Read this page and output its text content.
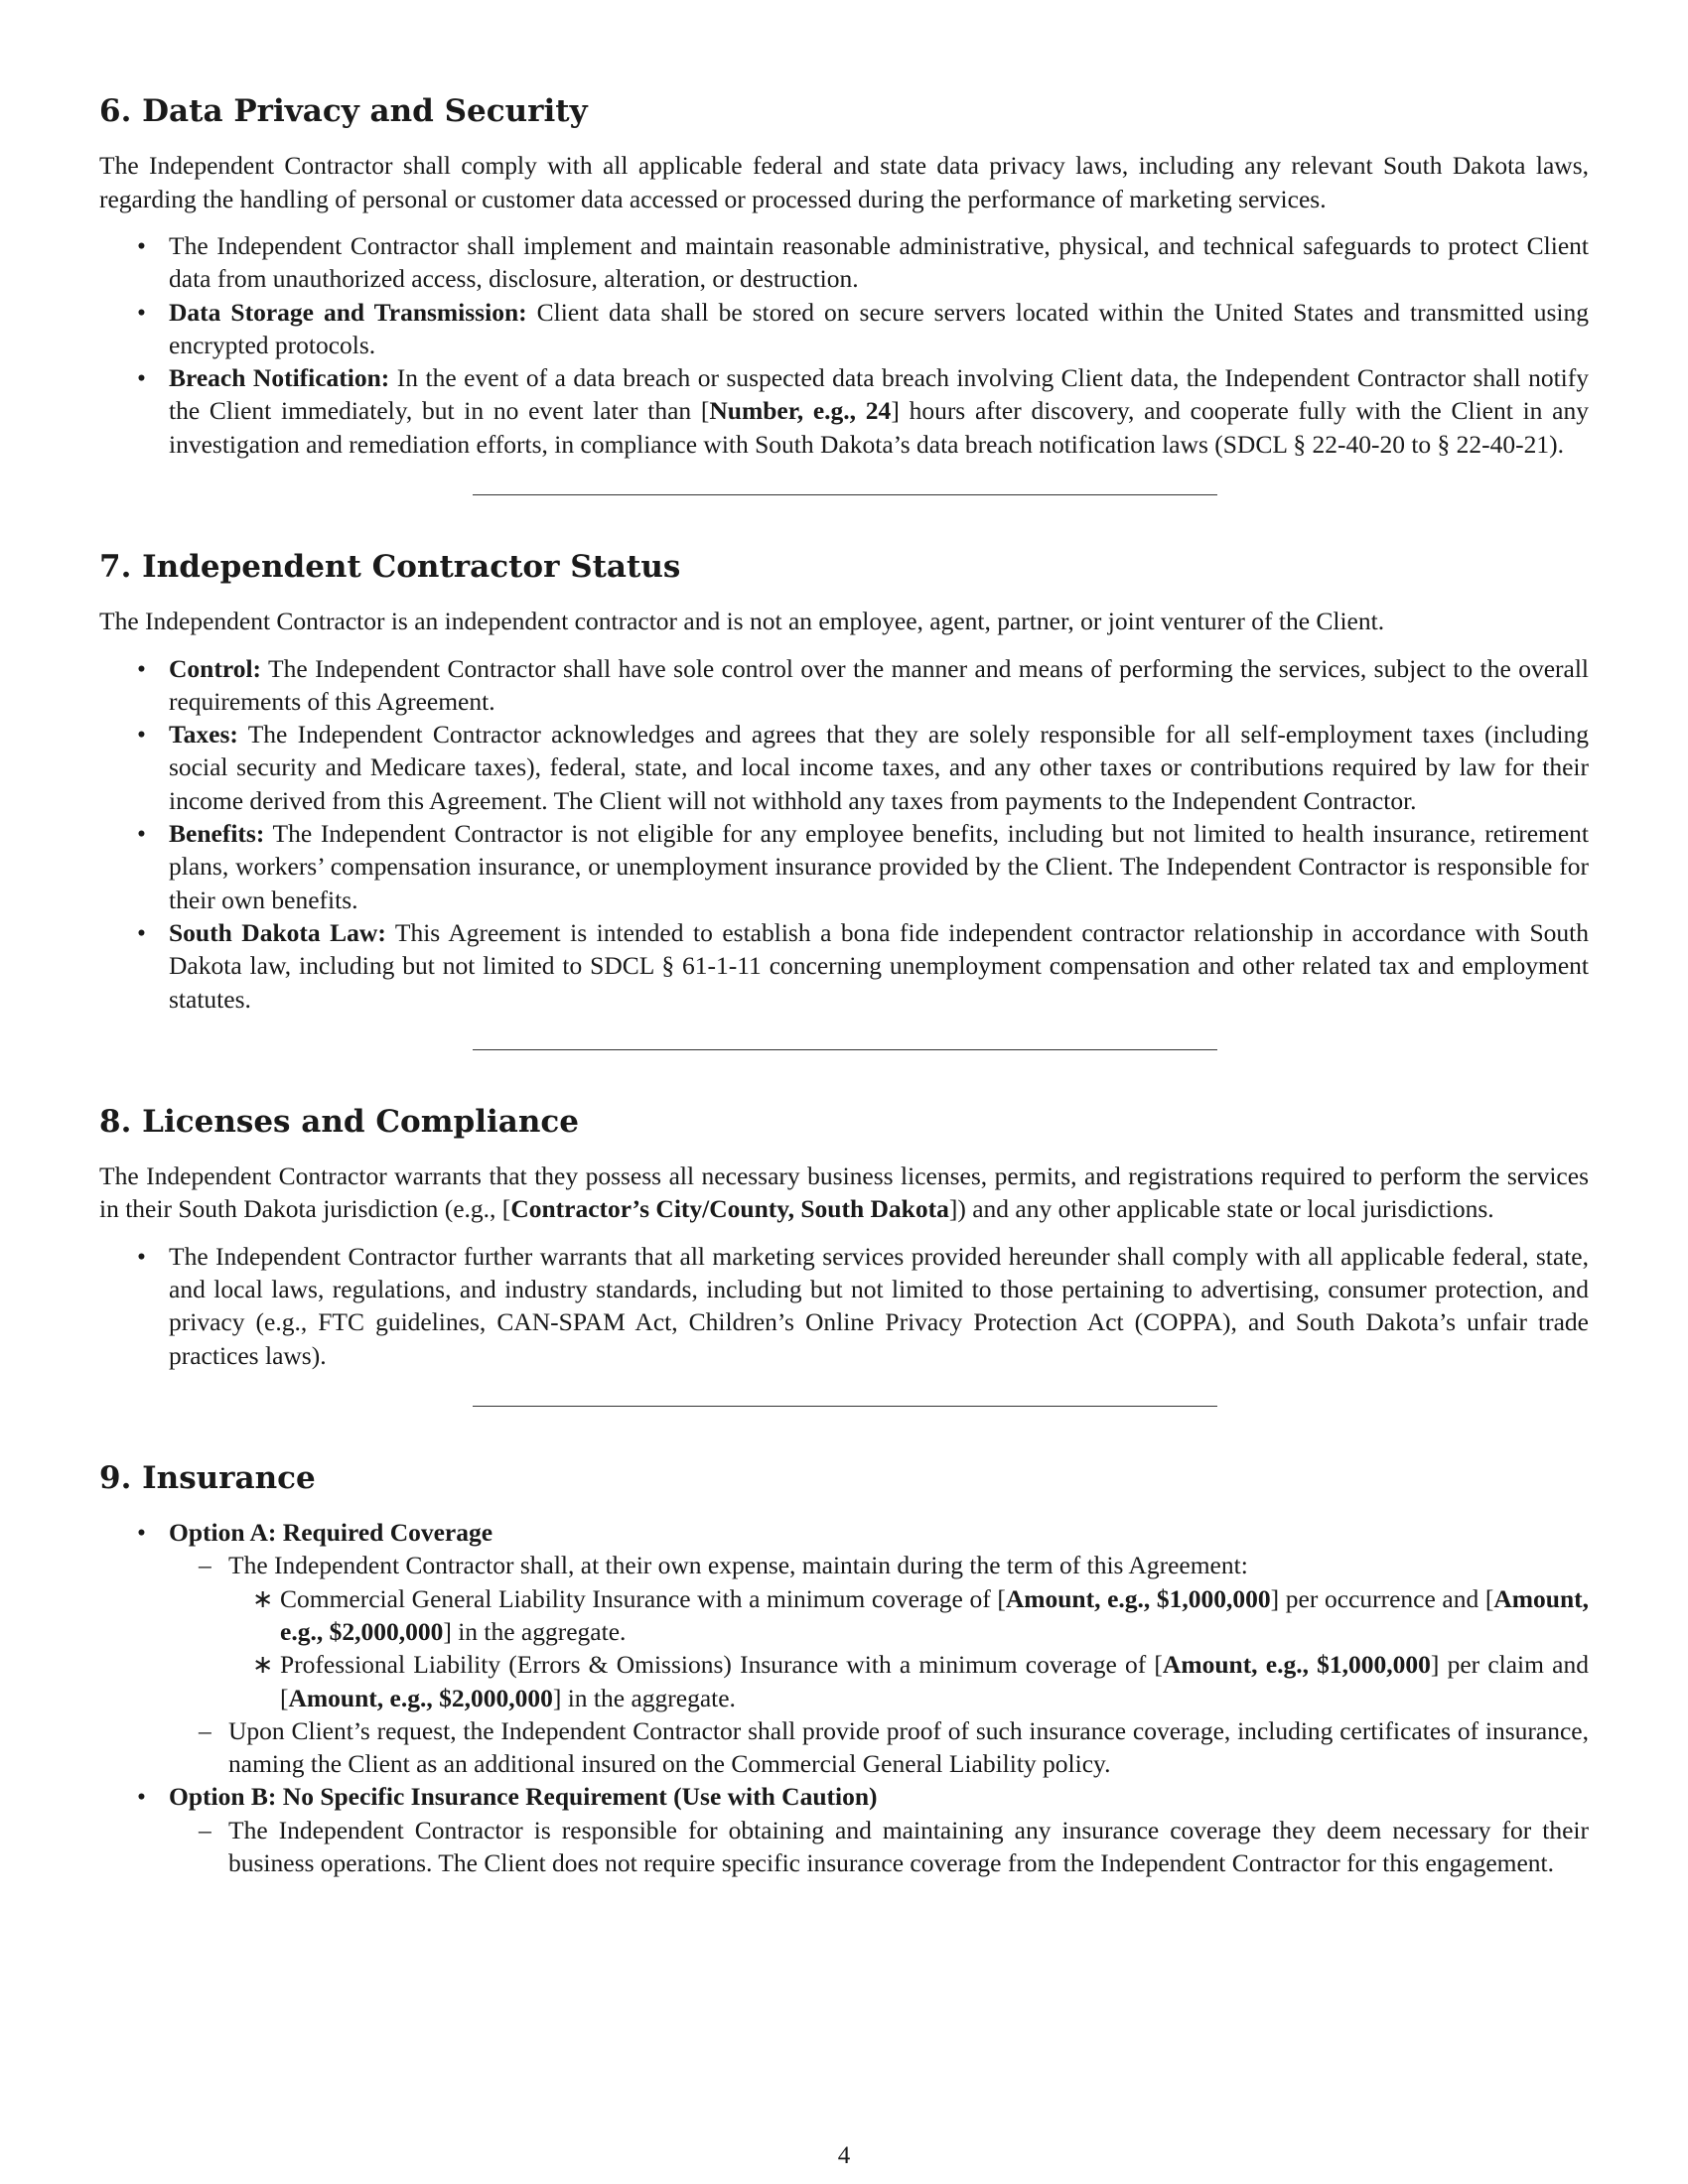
6. Data Privacy and Security

The Independent Contractor shall comply with all applicable federal and state data privacy laws, including any relevant South Dakota laws, regarding the handling of personal or customer data accessed or processed during the performance of marketing services.

• The Independent Contractor shall implement and maintain reasonable administrative, physical, and technical safeguards to protect Client data from unauthorized access, disclosure, alteration, or destruction.
• Data Storage and Transmission: Client data shall be stored on secure servers located within the United States and transmitted using encrypted protocols.
• Breach Notification: In the event of a data breach or suspected data breach involving Client data, the Independent Contractor shall notify the Client immediately, but in no event later than [Number, e.g., 24] hours after discovery, and cooperate fully with the Client in any investigation and remediation efforts, in compliance with South Dakota’s data breach notification laws (SDCL § 22-40-20 to § 22-40-21).
7. Independent Contractor Status

The Independent Contractor is an independent contractor and is not an employee, agent, partner, or joint venturer of the Client.

• Control: The Independent Contractor shall have sole control over the manner and means of performing the services, subject to the overall requirements of this Agreement.
• Taxes: The Independent Contractor acknowledges and agrees that they are solely responsible for all self-employment taxes (including social security and Medicare taxes), federal, state, and local income taxes, and any other taxes or contributions required by law for their income derived from this Agreement. The Client will not withhold any taxes from payments to the Independent Contractor.
• Benefits: The Independent Contractor is not eligible for any employee benefits, including but not limited to health insurance, retirement plans, workers’ compensation insurance, or unemployment insurance provided by the Client. The Independent Contractor is responsible for their own benefits.
• South Dakota Law: This Agreement is intended to establish a bona fide independent contractor relationship in accordance with South Dakota law, including but not limited to SDCL § 61-1-11 concerning unemployment compensation and other related tax and employment statutes.
8. Licenses and Compliance

The Independent Contractor warrants that they possess all necessary business licenses, permits, and registrations required to perform the services in their South Dakota jurisdiction (e.g., [Contractor’s City/County, South Dakota]) and any other applicable state or local jurisdictions.

• The Independent Contractor further warrants that all marketing services provided hereunder shall comply with all applicable federal, state, and local laws, regulations, and industry standards, including but not limited to those pertaining to advertising, consumer protection, and privacy (e.g., FTC guidelines, CAN-SPAM Act, Children’s Online Privacy Protection Act (COPPA), and South Dakota’s unfair trade practices laws).
9. Insurance
• Option A: Required Coverage
– The Independent Contractor shall, at their own expense, maintain during the term of this Agreement:
∗ Commercial General Liability Insurance with a minimum coverage of [Amount, e.g., $1,000,000] per occurrence and [Amount, e.g., $2,000,000] in the aggregate.
∗ Professional Liability (Errors & Omissions) Insurance with a minimum coverage of [Amount, e.g., $1,000,000] per claim and [Amount, e.g., $2,000,000] in the aggregate.
– Upon Client’s request, the Independent Contractor shall provide proof of such insurance coverage, including certificates of insurance, naming the Client as an additional insured on the Commercial General Liability policy.
• Option B: No Specific Insurance Requirement (Use with Caution)
– The Independent Contractor is responsible for obtaining and maintaining any insurance coverage they deem necessary for their business operations. The Client does not require specific insurance coverage from the Independent Contractor for this engagement.
4
